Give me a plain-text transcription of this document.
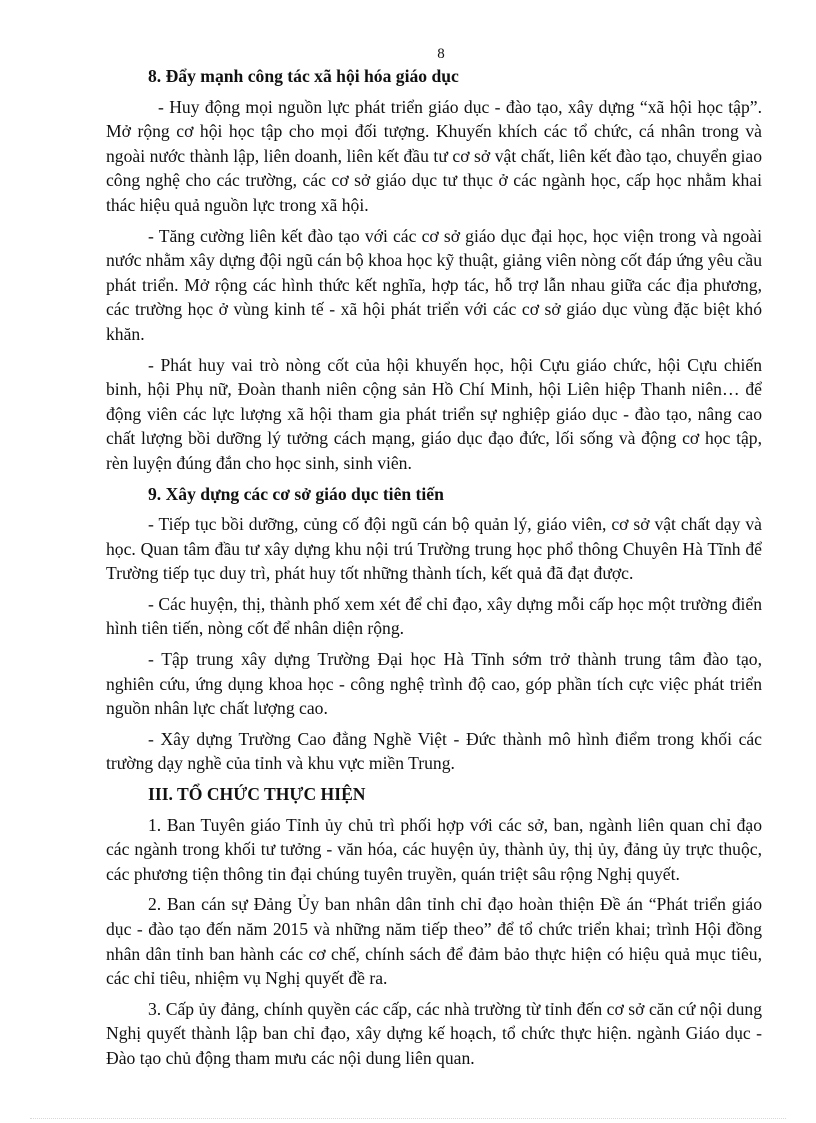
8
8. Đẩy mạnh công tác xã hội hóa giáo dục

- Huy động mọi nguồn lực phát triển giáo dục - đào tạo, xây dựng “xã hội học tập”. Mở rộng cơ hội học tập cho mọi đối tượng. Khuyến khích các tổ chức, cá nhân trong và ngoài nước thành lập, liên doanh, liên kết đầu tư cơ sở vật chất, liên kết đào tạo, chuyển giao công nghệ cho các trường, các cơ sở giáo dục tư thục ở các ngành học, cấp học nhằm khai thác hiệu quả nguồn lực trong xã hội.

- Tăng cường liên kết đào tạo với các cơ sở giáo dục đại học, học viện trong và ngoài nước nhằm xây dựng đội ngũ cán bộ khoa học kỹ thuật, giảng viên nòng cốt đáp ứng yêu cầu phát triển. Mở rộng các hình thức kết nghĩa, hợp tác, hỗ trợ lẫn nhau giữa các địa phương, các trường học ở vùng kinh tế - xã hội phát triển với các cơ sở giáo dục vùng đặc biệt khó khăn.

- Phát huy vai trò nòng cốt của hội khuyến học, hội Cựu giáo chức, hội Cựu chiến binh, hội Phụ nữ, Đoàn thanh niên cộng sản Hồ Chí Minh, hội Liên hiệp Thanh niên… để động viên các lực lượng xã hội tham gia phát triển sự nghiệp giáo dục - đào tạo, nâng cao chất lượng bồi dưỡng lý tưởng cách mạng, giáo dục đạo đức, lối sống và động cơ học tập, rèn luyện đúng đắn cho học sinh, sinh viên.

9. Xây dựng các cơ sở giáo dục tiên tiến

- Tiếp tục bồi dưỡng, củng cố đội ngũ cán bộ quản lý, giáo viên, cơ sở vật chất dạy và học. Quan tâm đầu tư xây dựng khu nội trú Trường trung học phổ thông Chuyên Hà Tĩnh để Trường tiếp tục duy trì, phát huy tốt những thành tích, kết quả đã đạt được.

- Các huyện, thị, thành phố xem xét để chỉ đạo, xây dựng mỗi cấp học một trường điển hình tiên tiến, nòng cốt để nhân diện rộng.

- Tập trung xây dựng Trường Đại học Hà Tĩnh sớm trở thành trung tâm đào tạo, nghiên cứu, ứng dụng khoa học - công nghệ trình độ cao, góp phần tích cực việc phát triển nguồn nhân lực chất lượng cao.

- Xây dựng Trường Cao đẳng Nghề Việt - Đức thành mô hình điểm trong khối các trường dạy nghề của tỉnh và khu vực miền Trung.

III. TỔ CHỨC THỰC HIỆN

1. Ban Tuyên giáo Tỉnh ủy chủ trì phối hợp với các sở, ban, ngành liên quan chỉ đạo các ngành trong khối tư tưởng - văn hóa, các huyện ủy, thành ủy, thị ủy, đảng ủy trực thuộc, các phương tiện thông tin đại chúng tuyên truyền, quán triệt sâu rộng Nghị quyết.

2. Ban cán sự Đảng Ủy ban nhân dân tỉnh chỉ đạo hoàn thiện Đề án “Phát triển giáo dục - đào tạo đến năm 2015 và những năm tiếp theo” để tổ chức triển khai; trình Hội đồng nhân dân tỉnh ban hành các cơ chế, chính sách để đảm bảo thực hiện có hiệu quả mục tiêu, các chỉ tiêu, nhiệm vụ Nghị quyết đề ra.

3. Cấp ủy đảng, chính quyền các cấp, các nhà trường từ tỉnh đến cơ sở căn cứ nội dung Nghị quyết thành lập ban chỉ đạo, xây dựng kế hoạch, tổ chức thực hiện. ngành Giáo dục - Đào tạo chủ động tham mưu các nội dung liên quan.
